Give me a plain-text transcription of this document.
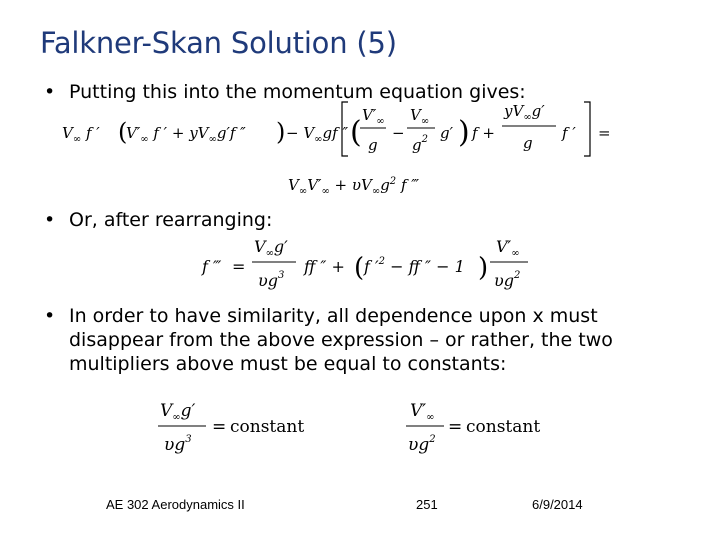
Falkner-Skan Solution (5)
• Putting this into the momentum equation gives:
$V_\infty$ f ′ (
$V'_\infty$ f ′ + $yV_\infty g'f$ ″ ) − $V_\infty gf$ ″ ( $V'_\infty$
g
−
$V_\infty$
$g^2$ g′ ) f +
$yV_\infty g'$
g
f ′ =
$V_\infty V'_\infty + \upsilon V_\infty g^2$ f ‴
• Or, after rearranging:
f ‴ =
$V_\infty g'$
$\upsilon g^3$ ff ″ + ( f $'^2$ − ff ″ − 1 )
$V'_\infty$
$\upsilon g^2$
• In order to have similarity, all dependence upon x must disappear from the above expression – or rather, the two multipliers above must be equal to constants:
$V_\infty g'$
$\upsilon g^3$
= constant
$V'_\infty$
$\upsilon g^2$
= constant
AE 302 Aerodynamics II	251	6/9/2014
